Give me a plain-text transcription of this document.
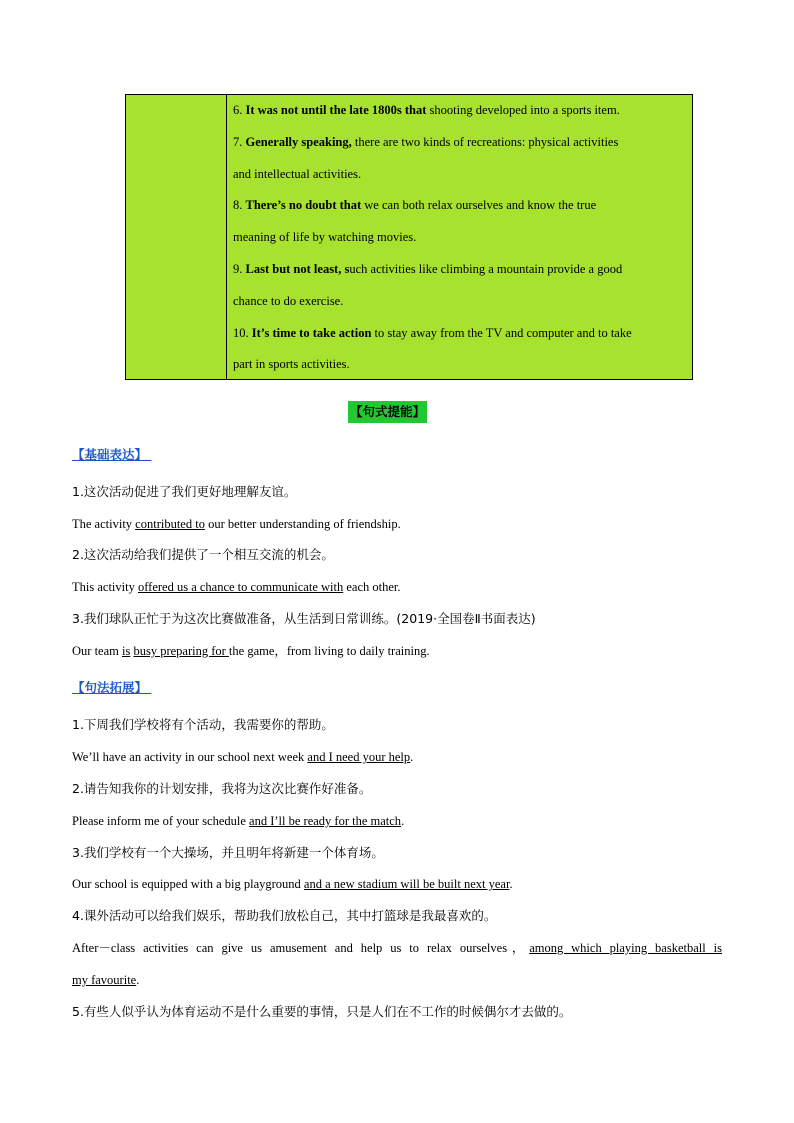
6. It was not until the late 1800s that shooting developed into a sports item.
7. Generally speaking, there are two kinds of recreations: physical activities
and intellectual activities.
8. There’s no doubt that we can both relax ourselves and know the true
meaning of life by watching movies.
9. Last but not least, such activities like climbing a mountain provide a good
chance to do exercise.
10. It’s time to take action to stay away from the TV and computer and to take
part in sports activities.
【句式提能】
【基础表达】
1.这次活动促进了我们更好地理解友谊。
The activity contributed to our better understanding of friendship.
2.这次活动给我们提供了一个相互交流的机会。
This activity offered us a chance to communicate with each other.
3.我们球队正忙于为这次比赛做准备，从生活到日常训练。(2019·全国卷Ⅱ书面表达)
Our team is busy preparing for the game，from living to daily training.
【句法拓展】
1.下周我们学校将有个活动，我需要你的帮助。
We’ll have an activity in our school next week and I need your help.
2.请告知我你的计划安排，我将为这次比赛作好准备。
Please inform me of your schedule and I’ll be ready for the match.
3.我们学校有一个大操场，并且明年将新建一个体育场。
Our school is equipped with a big playground and a new stadium will be built next year.
4.课外活动可以给我们娱乐，帮助我们放松自己，其中打篮球是我最喜欢的。
After－class activities can give us amusement and help us to relax ourselves，among which playing basketball is
my favourite.
5.有些人似乎认为体育运动不是什么重要的事情，只是人们在不工作的时候偶尔才去做的。
